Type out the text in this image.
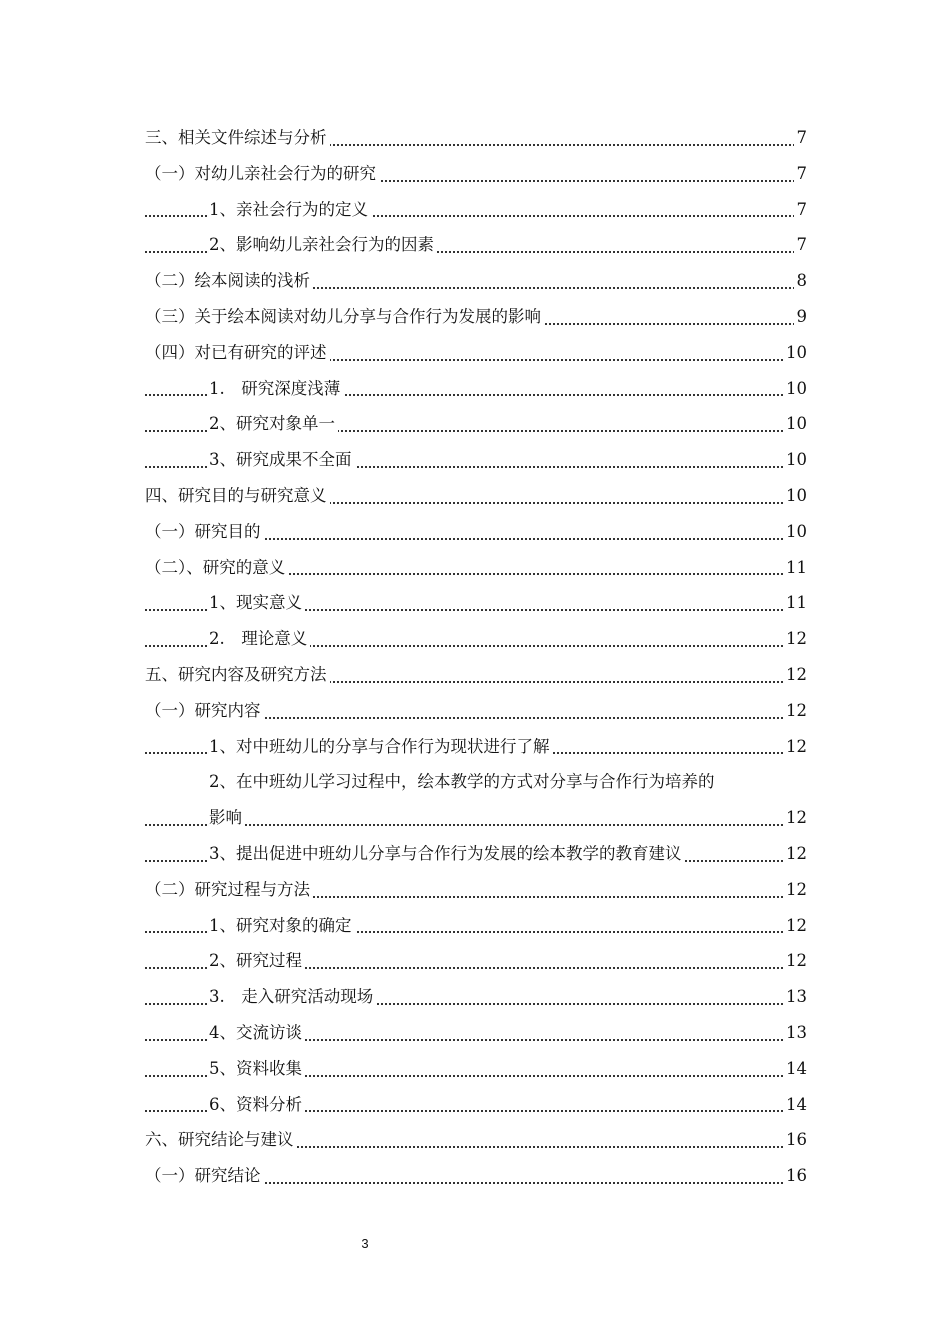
三、相关文件综述与分析	7
（一）对幼儿亲社会行为的研究	7
1、亲社会行为的定义	7
2、影响幼儿亲社会行为的因素	7
（二）绘本阅读的浅析	8
（三）关于绘本阅读对幼儿分享与合作行为发展的影响	9
（四）对已有研究的评述	10
1.　研究深度浅薄	10
2、研究对象单一	10
3、研究成果不全面	10
四、研究目的与研究意义	10
（一）研究目的	10
（二）、研究的意义	11
1、现实意义	11
2.　理论意义	12
五、研究内容及研究方法	12
（一）研究内容	12
1、对中班幼儿的分享与合作行为现状进行了解	12
2、在中班幼儿学习过程中，绘本教学的方式对分享与合作行为培养的
影响	12
3、提出促进中班幼儿分享与合作行为发展的绘本教学的教育建议	12
（二）研究过程与方法	12
1、研究对象的确定	12
2、研究过程	12
3.　走入研究活动现场	13
4、交流访谈	13
5、资料收集	14
6、资料分析	14
六、研究结论与建议	16
（一）研究结论	16
3
